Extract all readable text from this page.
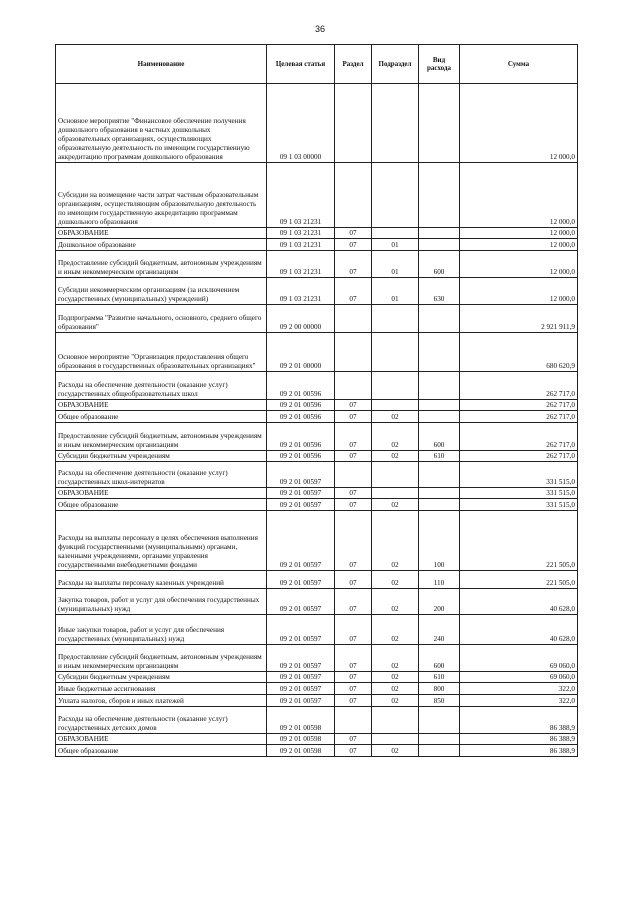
36
Наименование	Целевая статья	Раздел	Подраздел	Вид расхода	Сумма
Основное мероприятие "Финансовое обеспечение получения дошкольного образования в частных дошкольных образовательных организациях, осуществляющих образовательную деятельность по имеющим государственную аккредитацию программам дошкольного образования	09 1 03 00000				12 000,0
Субсидии на возмещение части затрат частным образовательным организациям, осуществляющим образовательную деятельность по имеющим государственную аккредитацию программам дошкольного образования	09 1 03 21231				12 000,0
ОБРАЗОВАНИЕ	09 1 03 21231	07			12 000,0
Дошкольное образование	09 1 03 21231	07	01		12 000,0
Предоставление субсидий бюджетным, автономным учреждениям и иным некоммерческим организациям	09 1 03 21231	07	01	600	12 000,0
Субсидии некоммерческим организациям (за исключением государственных (муниципальных) учреждений)	09 1 03 21231	07	01	630	12 000,0
Подпрограмма "Развитие начального, основного, среднего общего образования"	09 2 00 00000				2 921 911,9
Основное мероприятие "Организация предоставления общего образования в государственных образовательных организациях"	09 2 01 00000				680 620,9
Расходы на обеспечение деятельности (оказание услуг) государственных общеобразовательных школ	09 2 01 00596				262 717,0
ОБРАЗОВАНИЕ	09 2 01 00596	07			262 717,0
Общее образование	09 2 01 00596	07	02		262 717,0
Предоставление субсидий бюджетным, автономным учреждениям и иным некоммерческим организациям	09 2 01 00596	07	02	600	262 717,0
Субсидии бюджетным учреждениям	09 2 01 00596	07	02	610	262 717,0
Расходы на обеспечение деятельности (оказание услуг) государственных школ-интернатов	09 2 01 00597				331 515,0
ОБРАЗОВАНИЕ	09 2 01 00597	07			331 515,0
Общее образование	09 2 01 00597	07	02		331 515,0
Расходы на выплаты персоналу в целях обеспечения выполнения функций государственными (муниципальными) органами, казенными учреждениями, органами управления государственными внебюджетными фондами	09 2 01 00597	07	02	100	221 505,0
Расходы на выплаты персоналу казенных учреждений	09 2 01 00597	07	02	110	221 505,0
Закупка товаров, работ и услуг для обеспечения государственных (муниципальных) нужд	09 2 01 00597	07	02	200	40 628,0
Иные закупки товаров, работ и услуг для обеспечения государственных (муниципальных) нужд	09 2 01 00597	07	02	240	40 628,0
Предоставление субсидий бюджетным, автономным учреждениям и иным некоммерческим организациям	09 2 01 00597	07	02	600	69 060,0
Субсидии бюджетным учреждениям	09 2 01 00597	07	02	610	69 060,0
Иные бюджетные ассигнования	09 2 01 00597	07	02	800	322,0
Уплата налогов, сборов и иных платежей	09 2 01 00597	07	02	850	322,0
Расходы на обеспечение деятельности (оказание услуг) государственных детских домов	09 2 01 00598				86 388,9
ОБРАЗОВАНИЕ	09 2 01 00598	07			86 388,9
Общее образование	09 2 01 00598	07	02		86 388,9
